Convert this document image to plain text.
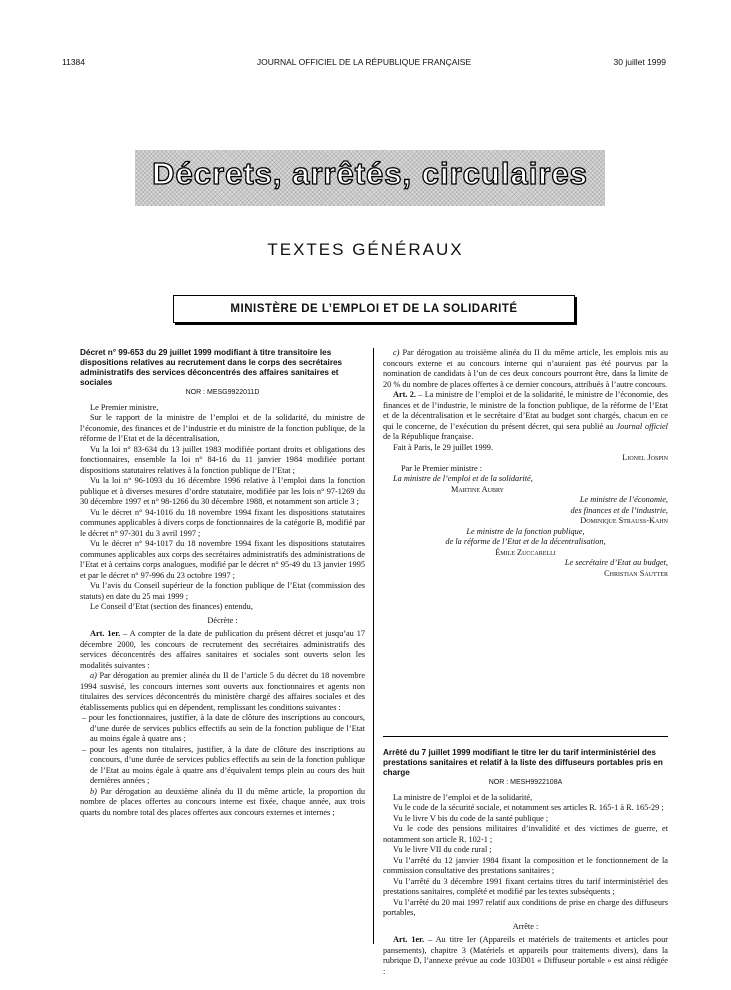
11384	JOURNAL OFFICIEL DE LA RÉPUBLIQUE FRANÇAISE	30 juillet 1999
Décrets, arrêtés, circulaires
TEXTES GÉNÉRAUX
MINISTÈRE DE L’EMPLOI ET DE LA SOLIDARITÉ

Décret n° 99-653 du 29 juillet 1999 modifiant à titre transitoire les dispositions relatives au recrutement dans le corps des secrétaires administratifs des services déconcentrés des affaires sanitaires et sociales

NOR : MESG9922011D

Le Premier ministre,

Sur le rapport de la ministre de l’emploi et de la solidarité, du ministre de l’économie, des finances et de l’industrie et du ministre de la fonction publique, de la réforme de l’Etat et de la décentralisation,

Vu la loi n° 83-634 du 13 juillet 1983 modifiée portant droits et obligations des fonctionnaires, ensemble la loi n° 84-16 du 11 janvier 1984 modifiée portant dispositions statutaires relatives à la fonction publique de l’Etat ;

Vu la loi n° 96-1093 du 16 décembre 1996 relative à l’emploi dans la fonction publique et à diverses mesures d’ordre statutaire, modifiée par les lois n° 97-1269 du 30 décembre 1997 et n° 98-1266 du 30 décembre 1988, et notamment son article 3 ;

Vu le décret n° 94-1016 du 18 novembre 1994 fixant les dispositions statutaires communes applicables à divers corps de fonctionnaires de la catégorie B, modifié par le décret n° 97-301 du 3 avril 1997 ;

Vu le décret n° 94-1017 du 18 novembre 1994 fixant les dispositions statutaires communes applicables aux corps des secrétaires administratifs des administrations de l’Etat et à certains corps analogues, modifié par le décret n° 95-49 du 13 janvier 1995 et par le décret n° 97-996 du 23 octobre 1997 ;

Vu l’avis du Conseil supérieur de la fonction publique de l’Etat (commission des statuts) en date du 25 mai 1999 ;

Le Conseil d’Etat (section des finances) entendu,

Décrète :

Art. 1er. – A compter de la date de publication du présent décret et jusqu’au 17 décembre 2000, les concours de recrutement des secrétaires administratifs des services déconcentrés des affaires sanitaires et sociales sont ouverts selon les modalités suivantes :

a) Par dérogation au premier alinéa du II de l’article 5 du décret du 18 novembre 1994 susvisé, les concours internes sont ouverts aux fonctionnaires et agents non titulaires des services déconcentrés du ministère chargé des affaires sociales et des établissements publics qui en dépendent, remplissant les conditions suivantes :

– pour les fonctionnaires, justifier, à la date de clôture des inscriptions au concours, d’une durée de services publics effectifs au sein de la fonction publique de l’Etat au moins égale à quatre ans ;

– pour les agents non titulaires, justifier, à la date de clôture des inscriptions au concours, d’une durée de services publics effectifs au sein de la fonction publique de l’Etat au moins égale à quatre ans d’équivalent temps plein au cours des huit dernières années ;

b) Par dérogation au deuxième alinéa du II du même article, la proportion du nombre de places offertes au concours interne est fixée, chaque année, aux trois quarts du nombre total des places offertes aux concours externes et internes ;

c) Par dérogation au troisième alinéa du II du même article, les emplois mis au concours externe et au concours interne qui n’auraient pas été pourvus par la nomination de candidats à l’un de ces deux concours pourront être, dans la limite de 20 % du nombre de places offertes à ce dernier concours, attribués à l’autre concours.

Art. 2. – La ministre de l’emploi et de la solidarité, le ministre de l’économie, des finances et de l’industrie, le ministre de la fonction publique, de la réforme de l’Etat et de la décentralisation et le secrétaire d’Etat au budget sont chargés, chacun en ce qui le concerne, de l’exécution du présent décret, qui sera publié au Journal officiel de la République française.

Fait à Paris, le 29 juillet 1999.

Lionel Jospin

Par le Premier ministre :

La ministre de l’emploi et de la solidarité,

Martine Aubry

Le ministre de l’économie,

des finances et de l’industrie,

Dominique Strauss-Kahn

Le ministre de la fonction publique,

de la réforme de l’Etat et de la décentralisation,

Émile Zuccarelli

Le secrétaire d’Etat au budget,

Christian Sautter

Arrêté du 7 juillet 1999 modifiant le titre Ier du tarif interministériel des prestations sanitaires et relatif à la liste des diffuseurs portables pris en charge

NOR : MESH9922108A

La ministre de l’emploi et de la solidarité,

Vu le code de la sécurité sociale, et notamment ses articles R. 165-1 à R. 165-29 ;

Vu le livre V bis du code de la santé publique ;

Vu le code des pensions militaires d’invalidité et des victimes de guerre, et notamment son article R. 102-1 ;

Vu le livre VII du code rural ;

Vu l’arrêté du 12 janvier 1984 fixant la composition et le fonctionnement de la commission consultative des prestations sanitaires ;

Vu l’arrêté du 3 décembre 1991 fixant certains titres du tarif interministériel des prestations sanitaires, complété et modifié par les textes subséquents ;

Vu l’arrêté du 20 mai 1997 relatif aux conditions de prise en charge des diffuseurs portables,

Arrête :

Art. 1er. – Au titre Ier (Appareils et matériels de traitements et articles pour pansements), chapitre 3 (Matériels et appareils pour traitements divers), dans la rubrique D, l’annexe prévue au code 103D01 « Diffuseur portable » est ainsi rédigée :
